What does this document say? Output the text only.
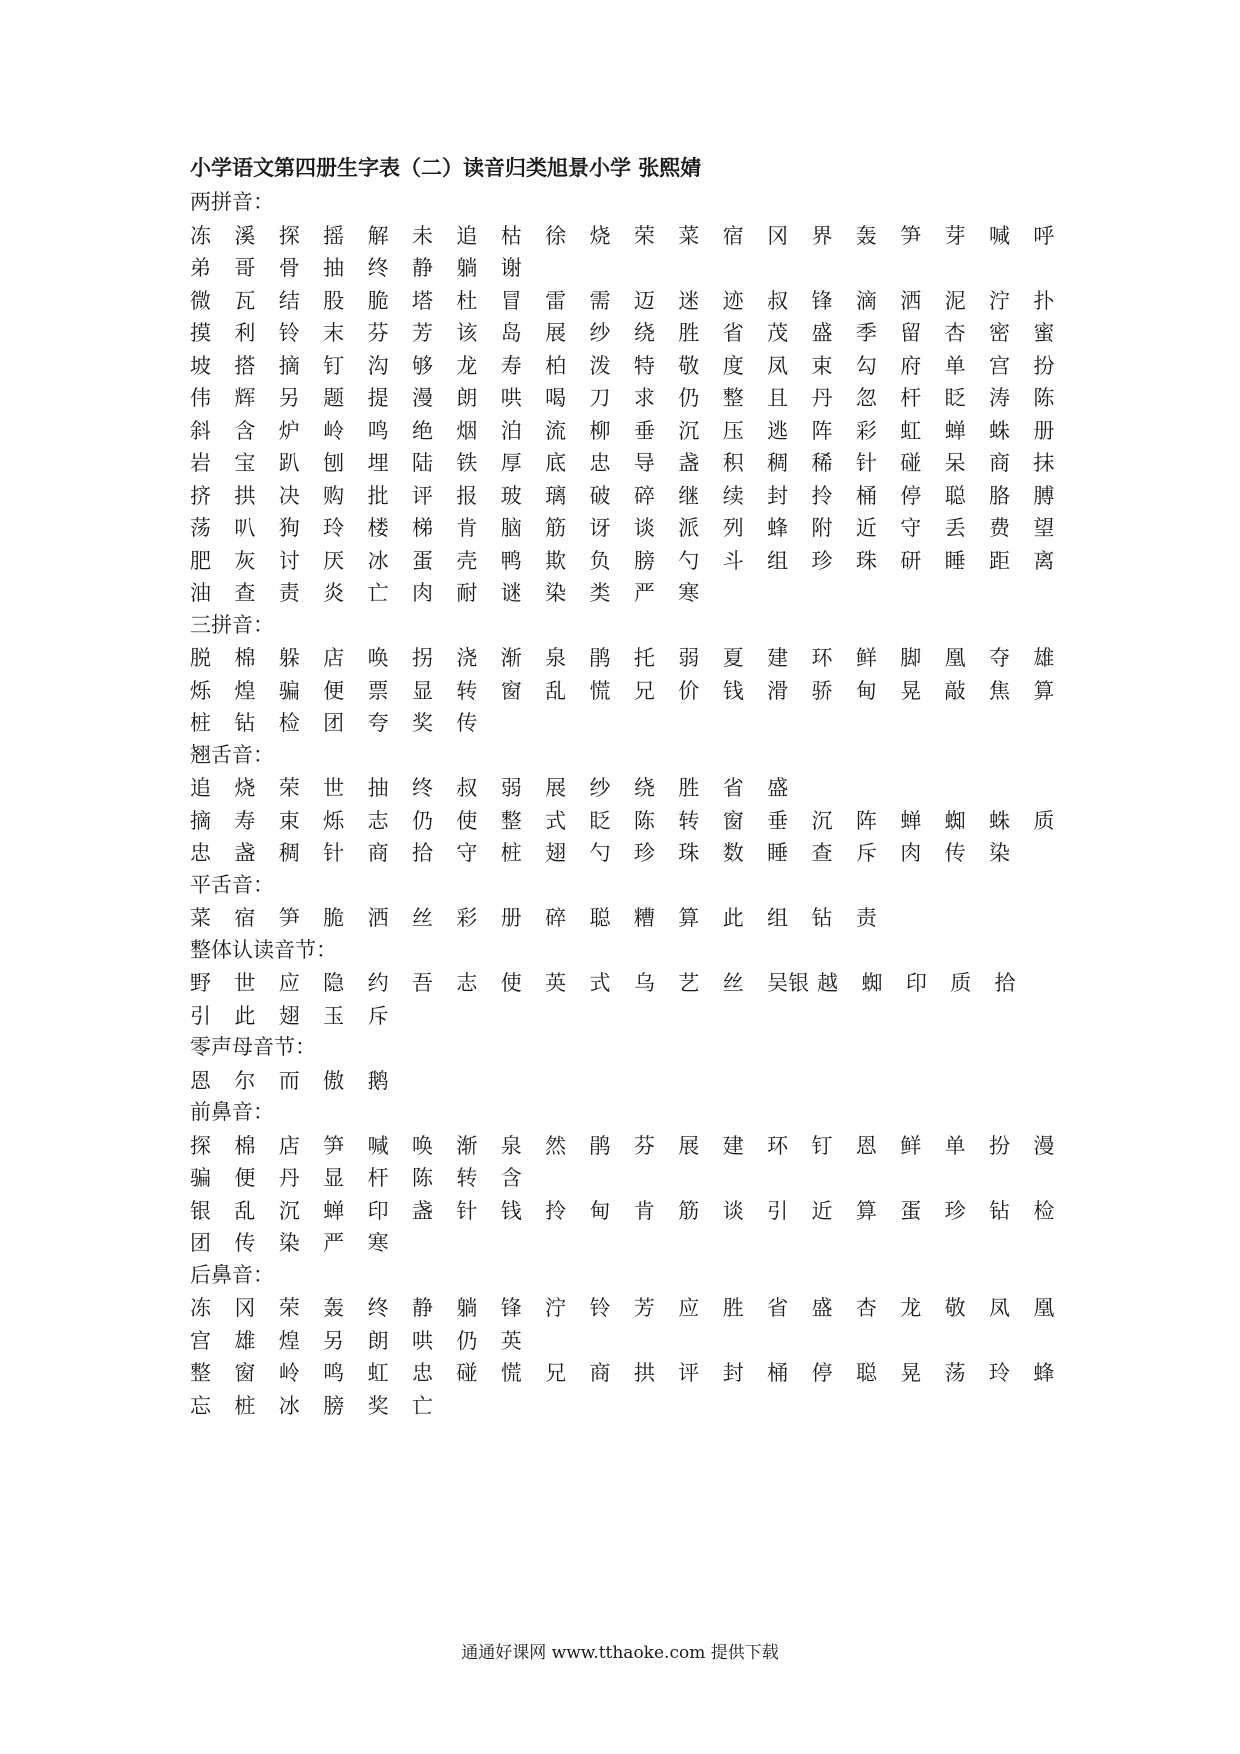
小学语文第四册生字表（二）读音归类旭景小学 张熙婧
两拼音：
冻	溪	探	摇	解	未	追	枯	徐	烧	荣	菜	宿	冈	界	轰	笋	芽	喊	呼
弟	哥	骨	抽	终	静	躺	谢
微	瓦	结	股	脆	塔	杜	冒	雷	需	迈	迷	迹	叔	锋	滴	洒	泥	泞	扑
摸	利	铃	末	芬	芳	该	岛	展	纱	绕	胜	省	茂	盛	季	留	杏	密	蜜
坡	搭	摘	钉	沟	够	龙	寿	柏	泼	特	敬	度	凤	束	勾	府	单	宫	扮
伟	辉	另	题	提	漫	朗	哄	喝	刀	求	仍	整	且	丹	忽	杆	眨	涛	陈
斜	含	炉	岭	鸣	绝	烟	泊	流	柳	垂	沉	压	逃	阵	彩	虹	蝉	蛛	册
岩	宝	趴	刨	埋	陆	铁	厚	底	忠	导	盏	积	稠	稀	针	碰	呆	商	抹
挤	拱	决	购	批	评	报	玻	璃	破	碎	继	续	封	拎	桶	停	聪	胳	膊
荡	叭	狗	玲	楼	梯	肯	脑	筋	讶	谈	派	列	蜂	附	近	守	丢	费	望
肥	灰	讨	厌	冰	蛋	壳	鸭	欺	负	膀	勺	斗	组	珍	珠	研	睡	距	离
油	查	责	炎	亡	肉	耐	谜	染	类	严	寒
三拼音：
脱	棉	躲	店	唤	拐	浇	渐	泉	鹃	托	弱	夏	建	环	鲜	脚	凰	夺	雄
烁	煌	骗	便	票	显	转	窗	乱	慌	兄	价	钱	滑	骄	甸	晃	敲	焦	算
桩	钻	检	团	夸	奖	传
翘舌音：
追	烧	荣	世	抽	终	叔	弱	展	纱	绕	胜	省	盛
摘	寿	束	烁	志	仍	使	整	式	眨	陈	转	窗	垂	沉	阵	蝉	蜘	蛛	质
忠	盏	稠	针	商	拾	守	桩	翅	勺	珍	珠	数	睡	查	斥	肉	传	染
平舌音：
菜	宿	笋	脆	洒	丝	彩	册	碎	聪	糟	算	此	组	钻	责
整体认读音节：
野	世	应	隐	约	吾	志	使	英	式	乌	艺	丝	吴银 越	蜘	印	质	拾
引	此	翅	玉	斥
零声母音节：
恩	尔	而	傲	鹅
前鼻音：
探	棉	店	笋	喊	唤	渐	泉	然	鹃	芬	展	建	环	钉	恩	鲜	单	扮	漫
骗	便	丹	显	杆	陈	转	含
银	乱	沉	蝉	印	盏	针	钱	拎	甸	肯	筋	谈	引	近	算	蛋	珍	钻	检
团	传	染	严	寒
后鼻音：
冻	冈	荣	轰	终	静	躺	锋	泞	铃	芳	应	胜	省	盛	杏	龙	敬	凤	凰
宫	雄	煌	另	朗	哄	仍	英
整	窗	岭	鸣	虹	忠	碰	慌	兄	商	拱	评	封	桶	停	聪	晃	荡	玲	蜂
忘	桩	冰	膀	奖	亡
通通好课网 www.tthaoke.com 提供下载
